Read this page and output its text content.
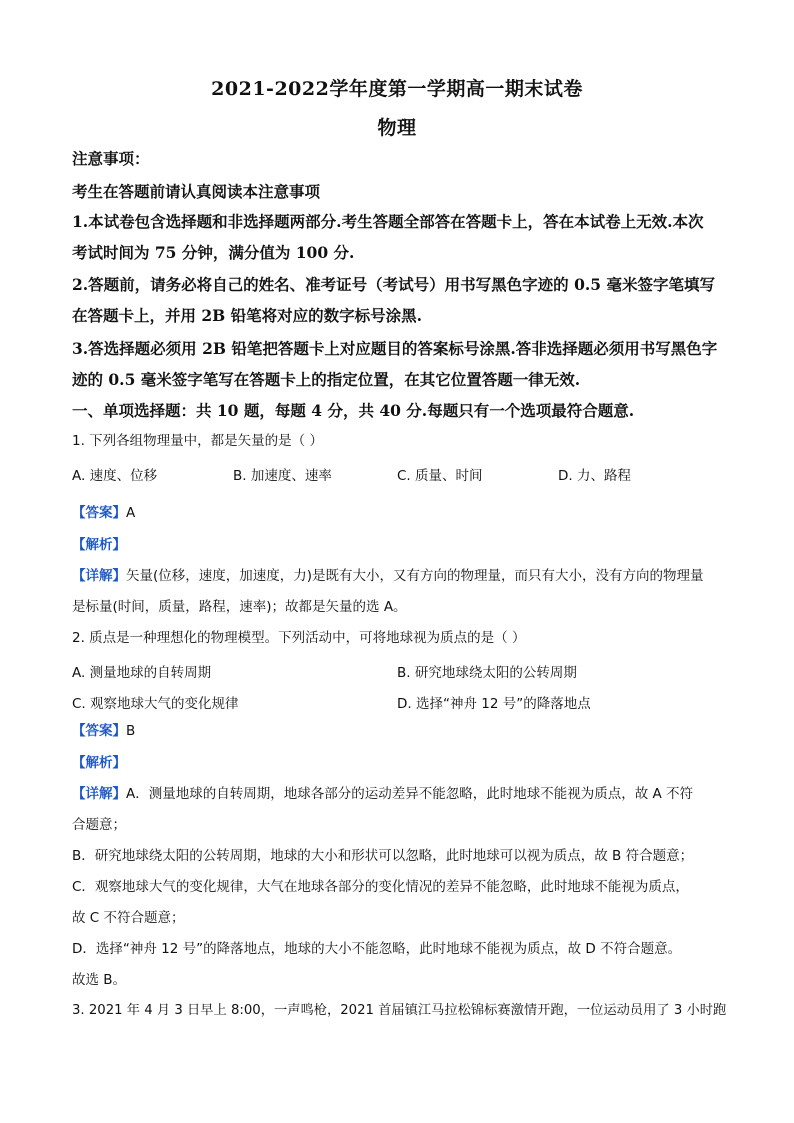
2021-2022学年度第一学期高一期末试卷
物理
注意事项：
考生在答题前请认真阅读本注意事项
1.本试卷包含选择题和非选择题两部分.考生答题全部答在答题卡上，答在本试卷上无效.本次
考试时间为 75 分钟，满分值为 100 分.
2.答题前，请务必将自己的姓名、准考证号（考试号）用书写黑色字迹的 0.5 毫米签字笔填写
在答题卡上，并用 2B 铅笔将对应的数字标号涂黑.
3.答选择题必须用 2B 铅笔把答题卡上对应题目的答案标号涂黑.答非选择题必须用书写黑色字
迹的 0.5 毫米签字笔写在答题卡上的指定位置，在其它位置答题一律无效.
一、单项选择题：共 10 题，每题 4 分，共 40 分.每题只有一个选项最符合题意.
1. 下列各组物理量中，都是矢量的是（ ）
A. 速度、位移	B. 加速度、速率	C. 质量、时间	D. 力、路程
【答案】A
【解析】
【详解】矢量(位移，速度，加速度，力)是既有大小，又有方向的物理量，而只有大小，没有方向的物理量
是标量(时间，质量，路程，速率)；故都是矢量的选 A。
2. 质点是一种理想化的物理模型。下列活动中，可将地球视为质点的是（ ）
A. 测量地球的自转周期	B. 研究地球绕太阳的公转周期
C. 观察地球大气的变化规律	D. 选择“神舟 12 号”的降落地点
【答案】B
【解析】
【详解】A．测量地球的自转周期，地球各部分的运动差异不能忽略，此时地球不能视为质点，故 A 不符
合题意；
B．研究地球绕太阳的公转周期，地球的大小和形状可以忽略，此时地球可以视为质点，故 B 符合题意；
C．观察地球大气的变化规律，大气在地球各部分的变化情况的差异不能忽略，此时地球不能视为质点，
故 C 不符合题意；
D．选择“神舟 12 号”的降落地点，地球的大小不能忽略，此时地球不能视为质点，故 D 不符合题意。
故选 B。
3. 2021 年 4 月 3 日早上 8:00，一声鸣枪，2021 首届镇江马拉松锦标赛激情开跑，一位运动员用了 3 小时跑
